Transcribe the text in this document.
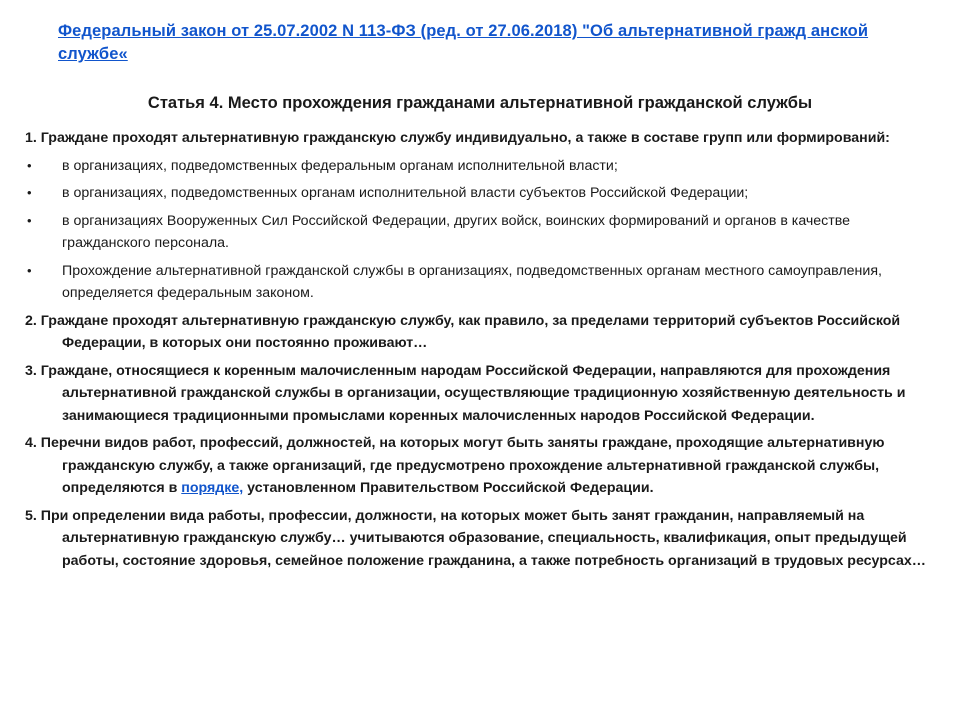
Федеральный закон от 25.07.2002 N 113-ФЗ (ред. от 27.06.2018) "Об альтернативной гражд анской службе«
Статья 4. Место прохождения гражданами альтернативной гражданской службы
1. Граждане проходят альтернативную гражданскую службу индивидуально, а также в составе групп или формирований:
• в организациях, подведомственных федеральным органам исполнительной власти;
• в организациях, подведомственных органам исполнительной власти субъектов Российской Федерации;
• в организациях Вооруженных Сил Российской Федерации, других войск, воинских формирований и органов в качестве гражданского персонала.
• Прохождение альтернативной гражданской службы в организациях, подведомственных органам местного самоуправления, определяется федеральным законом.
2. Граждане проходят альтернативную гражданскую службу, как правило, за пределами территорий субъектов Российской Федерации, в которых они постоянно проживают…
3. Граждане, относящиеся к коренным малочисленным народам Российской Федерации, направляются для прохождения альтернативной гражданской службы в организации, осуществляющие традиционную хозяйственную деятельность и занимающиеся традиционными промыслами коренных малочисленных народов Российской Федерации.
4. Перечни видов работ, профессий, должностей, на которых могут быть заняты граждане, проходящие альтернативную гражданскую службу, а также организаций, где предусмотрено прохождение альтернативной гражданской службы, определяются в порядке, установленном Правительством Российской Федерации.
5. При определении вида работы, профессии, должности, на которых может быть занят гражданин, направляемый на альтернативную гражданскую службу… учитываются образование, специальность, квалификация, опыт предыдущей работы, состояние здоровья, семейное положение гражданина, а также потребность организаций в трудовых ресурсах…
